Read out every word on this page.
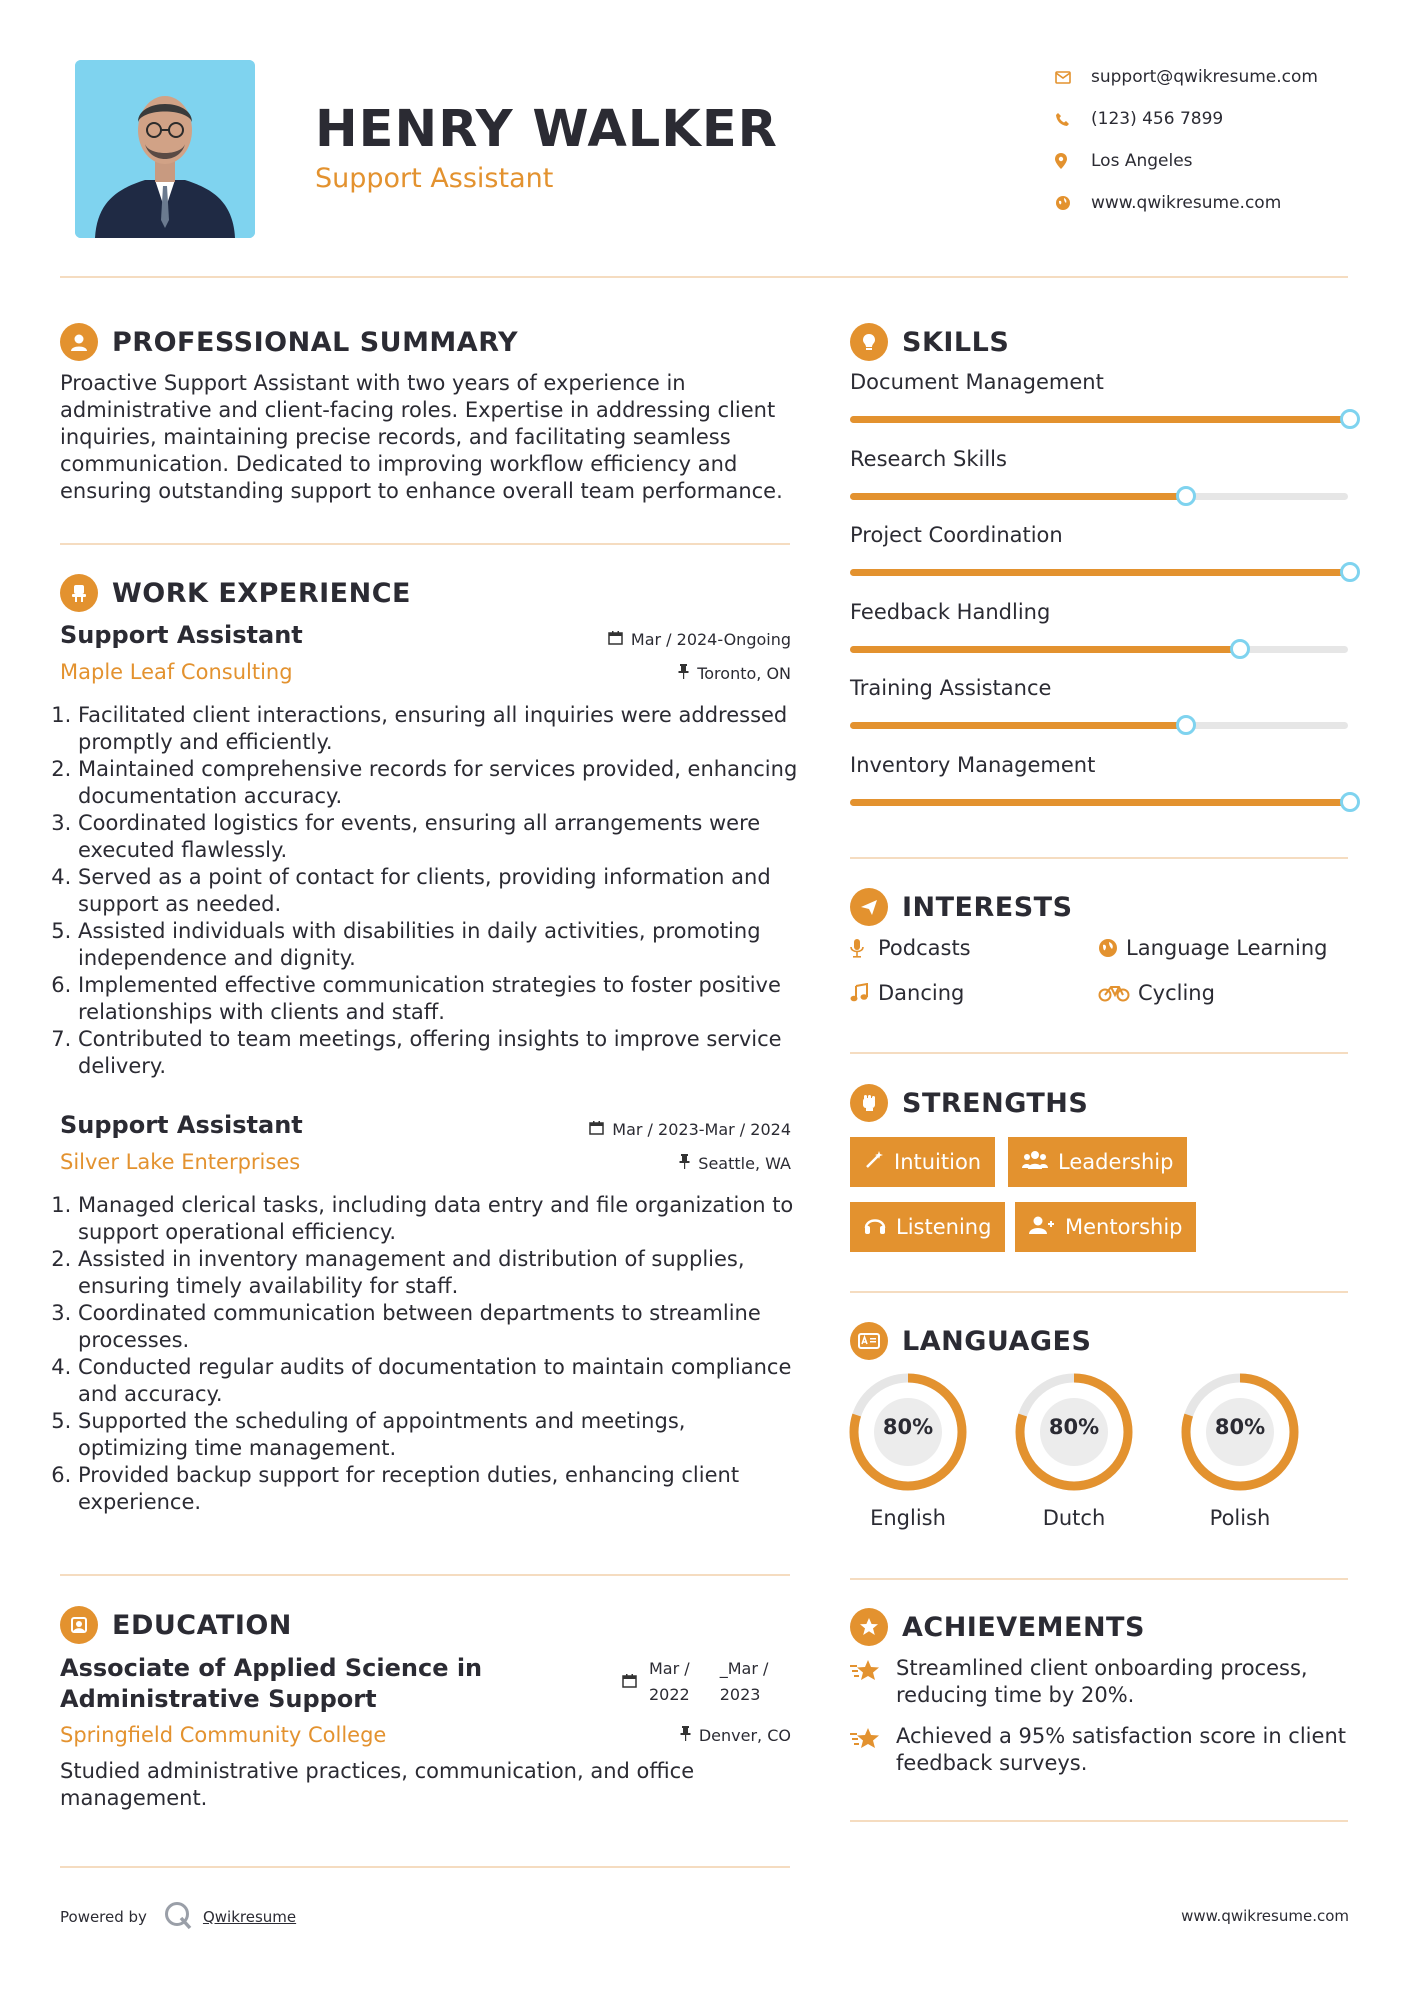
HENRY WALKER
Support Assistant
support@qwikresume.com
(123) 456 7899
Los Angeles
www.qwikresume.com
PROFESSIONAL SUMMARY
Proactive Support Assistant with two years of experience in
administrative and client-facing roles. Expertise in addressing client
inquiries, maintaining precise records, and facilitating seamless
communication. Dedicated to improving workflow efficiency and
ensuring outstanding support to enhance overall team performance.
WORK EXPERIENCE
Support Assistant
Maple Leaf Consulting
Mar / 2024-Ongoing
Toronto, ON
1. Facilitated client interactions, ensuring all inquiries were addressed promptly and efficiently.
2. Maintained comprehensive records for services provided, enhancing documentation accuracy.
3. Coordinated logistics for events, ensuring all arrangements were executed flawlessly.
4. Served as a point of contact for clients, providing information and support as needed.
5. Assisted individuals with disabilities in daily activities, promoting independence and dignity.
6. Implemented effective communication strategies to foster positive relationships with clients and staff.
7. Contributed to team meetings, offering insights to improve service delivery.
Support Assistant
Silver Lake Enterprises
Mar / 2023-Mar / 2024
Seattle, WA
1. Managed clerical tasks, including data entry and file organization to support operational efficiency.
2. Assisted in inventory management and distribution of supplies, ensuring timely availability for staff.
3. Coordinated communication between departments to streamline processes.
4. Conducted regular audits of documentation to maintain compliance and accuracy.
5. Supported the scheduling of appointments and meetings, optimizing time management.
6. Provided backup support for reception duties, enhancing client experience.
EDUCATION
Associate of Applied Science in
Administrative Support
Springfield Community College
Mar /
2022
_Mar /
2023
Denver, CO
Studied administrative practices, communication, and office
management.
SKILLS
Document Management
Research Skills
Project Coordination
Feedback Handling
Training Assistance
Inventory Management
INTERESTS
Podcasts	Language Learning
Dancing	Cycling
STRENGTHS
Intuition	Leadership
Listening	Mentorship
LANGUAGES
80%
English
80%
Dutch
80%
Polish
ACHIEVEMENTS
Streamlined client onboarding process,
reducing time by 20%.
Achieved a 95% satisfaction score in client
feedback surveys.
Powered by	Qwikresume	www.qwikresume.com
